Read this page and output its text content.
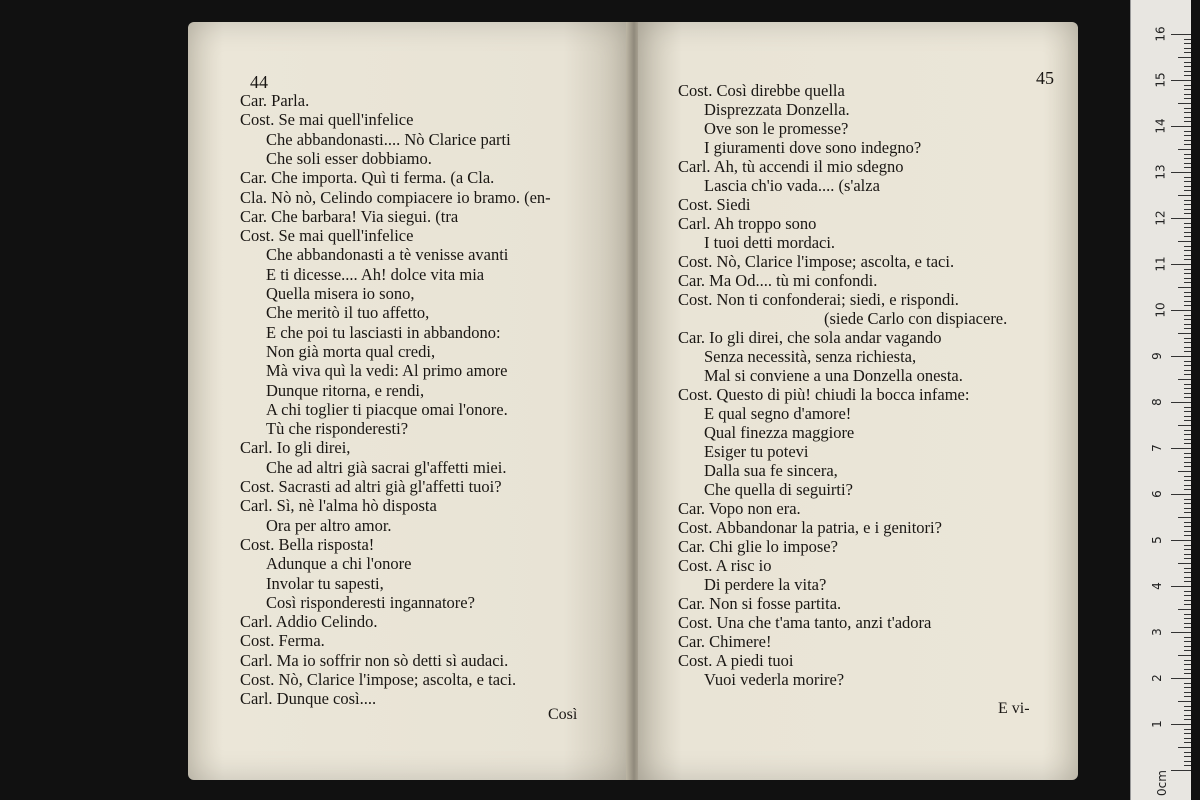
44
Car. Parla.
Cost. Se mai quell'infelice
Che abbandonasti.... Nò Clarice parti
Che soli esser dobbiamo.
Car. Che importa. Quì ti ferma. (a Cla.
Cla. Nò nò, Celindo compiacere io bramo. (en-
Car. Che barbara! Via siegui. (tra
Cost. Se mai quell'infelice
Che abbandonasti a tè venisse avanti
E ti dicesse.... Ah! dolce vita mia
Quella misera io sono,
Che meritò il tuo affetto,
E che poi tu lasciasti in abbandono:
Non già morta qual credi,
Mà viva quì la vedi: Al primo amore
Dunque ritorna, e rendi,
A chi toglier ti piacque omai l'onore.
Tù che risponderesti?
Carl. Io gli direi,
Che ad altri già sacrai gl'affetti miei.
Cost. Sacrasti ad altri già gl'affetti tuoi?
Carl. Sì, nè l'alma hò disposta
Ora per altro amor.
Cost. Bella risposta!
Adunque a chi l'onore
Involar tu sapesti,
Così risponderesti ingannatore?
Carl. Addio Celindo.
Cost. Ferma.
Carl. Ma io soffrir non sò detti sì audaci.
Cost. Nò, Clarice l'impose; ascolta, e taci.
Carl. Dunque così....
Così
45
Cost. Così direbbe quella
Disprezzata Donzella.
Ove son le promesse?
I giuramenti dove sono indegno?
Carl. Ah, tù accendi il mio sdegno
Lascia ch'io vada.... (s'alza
Cost. Siedi
Carl. Ah troppo sono
I tuoi detti mordaci.
Cost. Nò, Clarice l'impose; ascolta, e taci.
Car. Ma Od.... tù mi confondi.
Cost. Non ti confonderai; siedi, e rispondi.
(siede Carlo con dispiacere.
Car. Io gli direi, che sola andar vagando
Senza necessità, senza richiesta,
Mal si conviene a una Donzella onesta.
Cost. Questo di più! chiudi la bocca infame:
E qual segno d'amore!
Qual finezza maggiore
Esiger tu potevi
Dalla sua fe sincera,
Che quella di seguirti?
Car. Vopo non era.
Cost. Abbandonar la patria, e i genitori?
Car. Chi glie lo impose?
Cost. A risc io
Di perdere la vita?
Car. Non si fosse partita.
Cost. Una che t'ama tanto, anzi t'adora
Car. Chimere!
Cost. A piedi tuoi
Vuoi vederla morire?
E vi-
1
2
3
4
5
6
7
8
9
10
11
12
13
14
15
16
0cm
